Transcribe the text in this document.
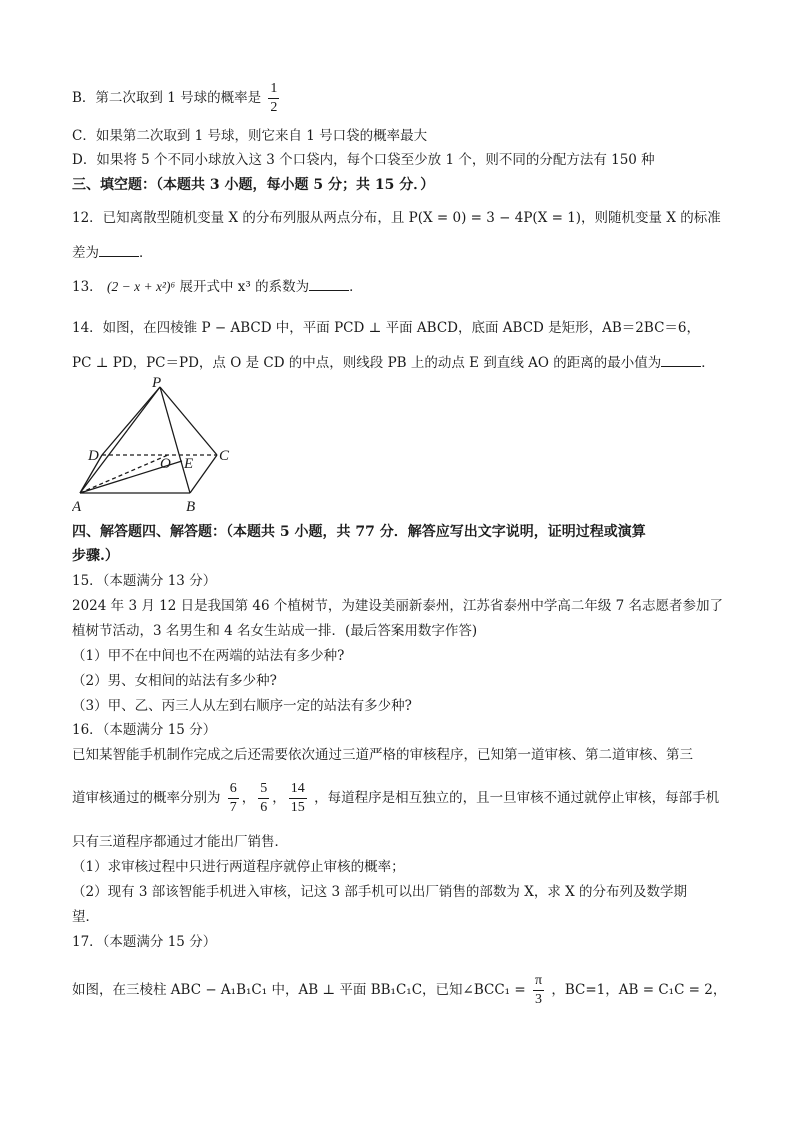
B．第二次取到 1 号球的概率是 $\frac{1}{2}$
C．如果第二次取到 1 号球，则它来自 1 号口袋的概率最大
D．如果将 5 个不同小球放入这 3 个口袋内，每个口袋至少放 1 个，则不同的分配方法有 150 种
三、填空题：（本题共 3 小题，每小题 5 分；共 15 分．）
12．已知离散型随机变量 X 的分布列服从两点分布，且 P(X = 0) = 3 − 4P(X = 1)，则随机变量 X 的标准
差为	．
13． (2 − x + x²)⁶ 展开式中 x³ 的系数为	．
14．如图，在四棱锥 P − ABCD 中，平面 PCD ⊥ 平面 ABCD，底面 ABCD 是矩形，AB＝2BC＝6，
PC ⊥ PD，PC＝PD，点 O 是 CD 的中点，则线段 PB 上的动点 E 到直线 AO 的距离的最小值为	．
P
D	O E C
A	B
四、解答题四、解答题：（本题共 5 小题，共 77 分．解答应写出文字说明，证明过程或演算
步骤.）
15．（本题满分 13 分）
2024 年 3 月 12 日是我国第 46 个植树节，为建设美丽新泰州，江苏省泰州中学高二年级 7 名志愿者参加了
植树节活动，3 名男生和 4 名女生站成一排．(最后答案用数字作答)
（1）甲不在中间也不在两端的站法有多少种?
（2）男、女相间的站法有多少种?
（3）甲、乙、丙三人从左到右顺序一定的站法有多少种?
16．（本题满分 15 分）
已知某智能手机制作完成之后还需要依次通过三道严格的审核程序，已知第一道审核、第二道审核、第三
道审核通过的概率分别为 $\frac{6}{7}$ ， $\frac{5}{6}$ ， $\frac{14}{15}$ ，每道程序是相互独立的，且一旦审核不通过就停止审核，每部手机
只有三道程序都通过才能出厂销售．
（1）求审核过程中只进行两道程序就停止审核的概率；
（2）现有 3 部该智能手机进入审核，记这 3 部手机可以出厂销售的部数为 X，求 X 的分布列及数学期
望．
17．（本题满分 15 分）
如图，在三棱柱 ABC − A₁B₁C₁ 中，AB ⊥ 平面 BB₁C₁C，已知∠BCC₁ = $\frac{\pi}{3}$ ，BC=1，AB = C₁C = 2，
